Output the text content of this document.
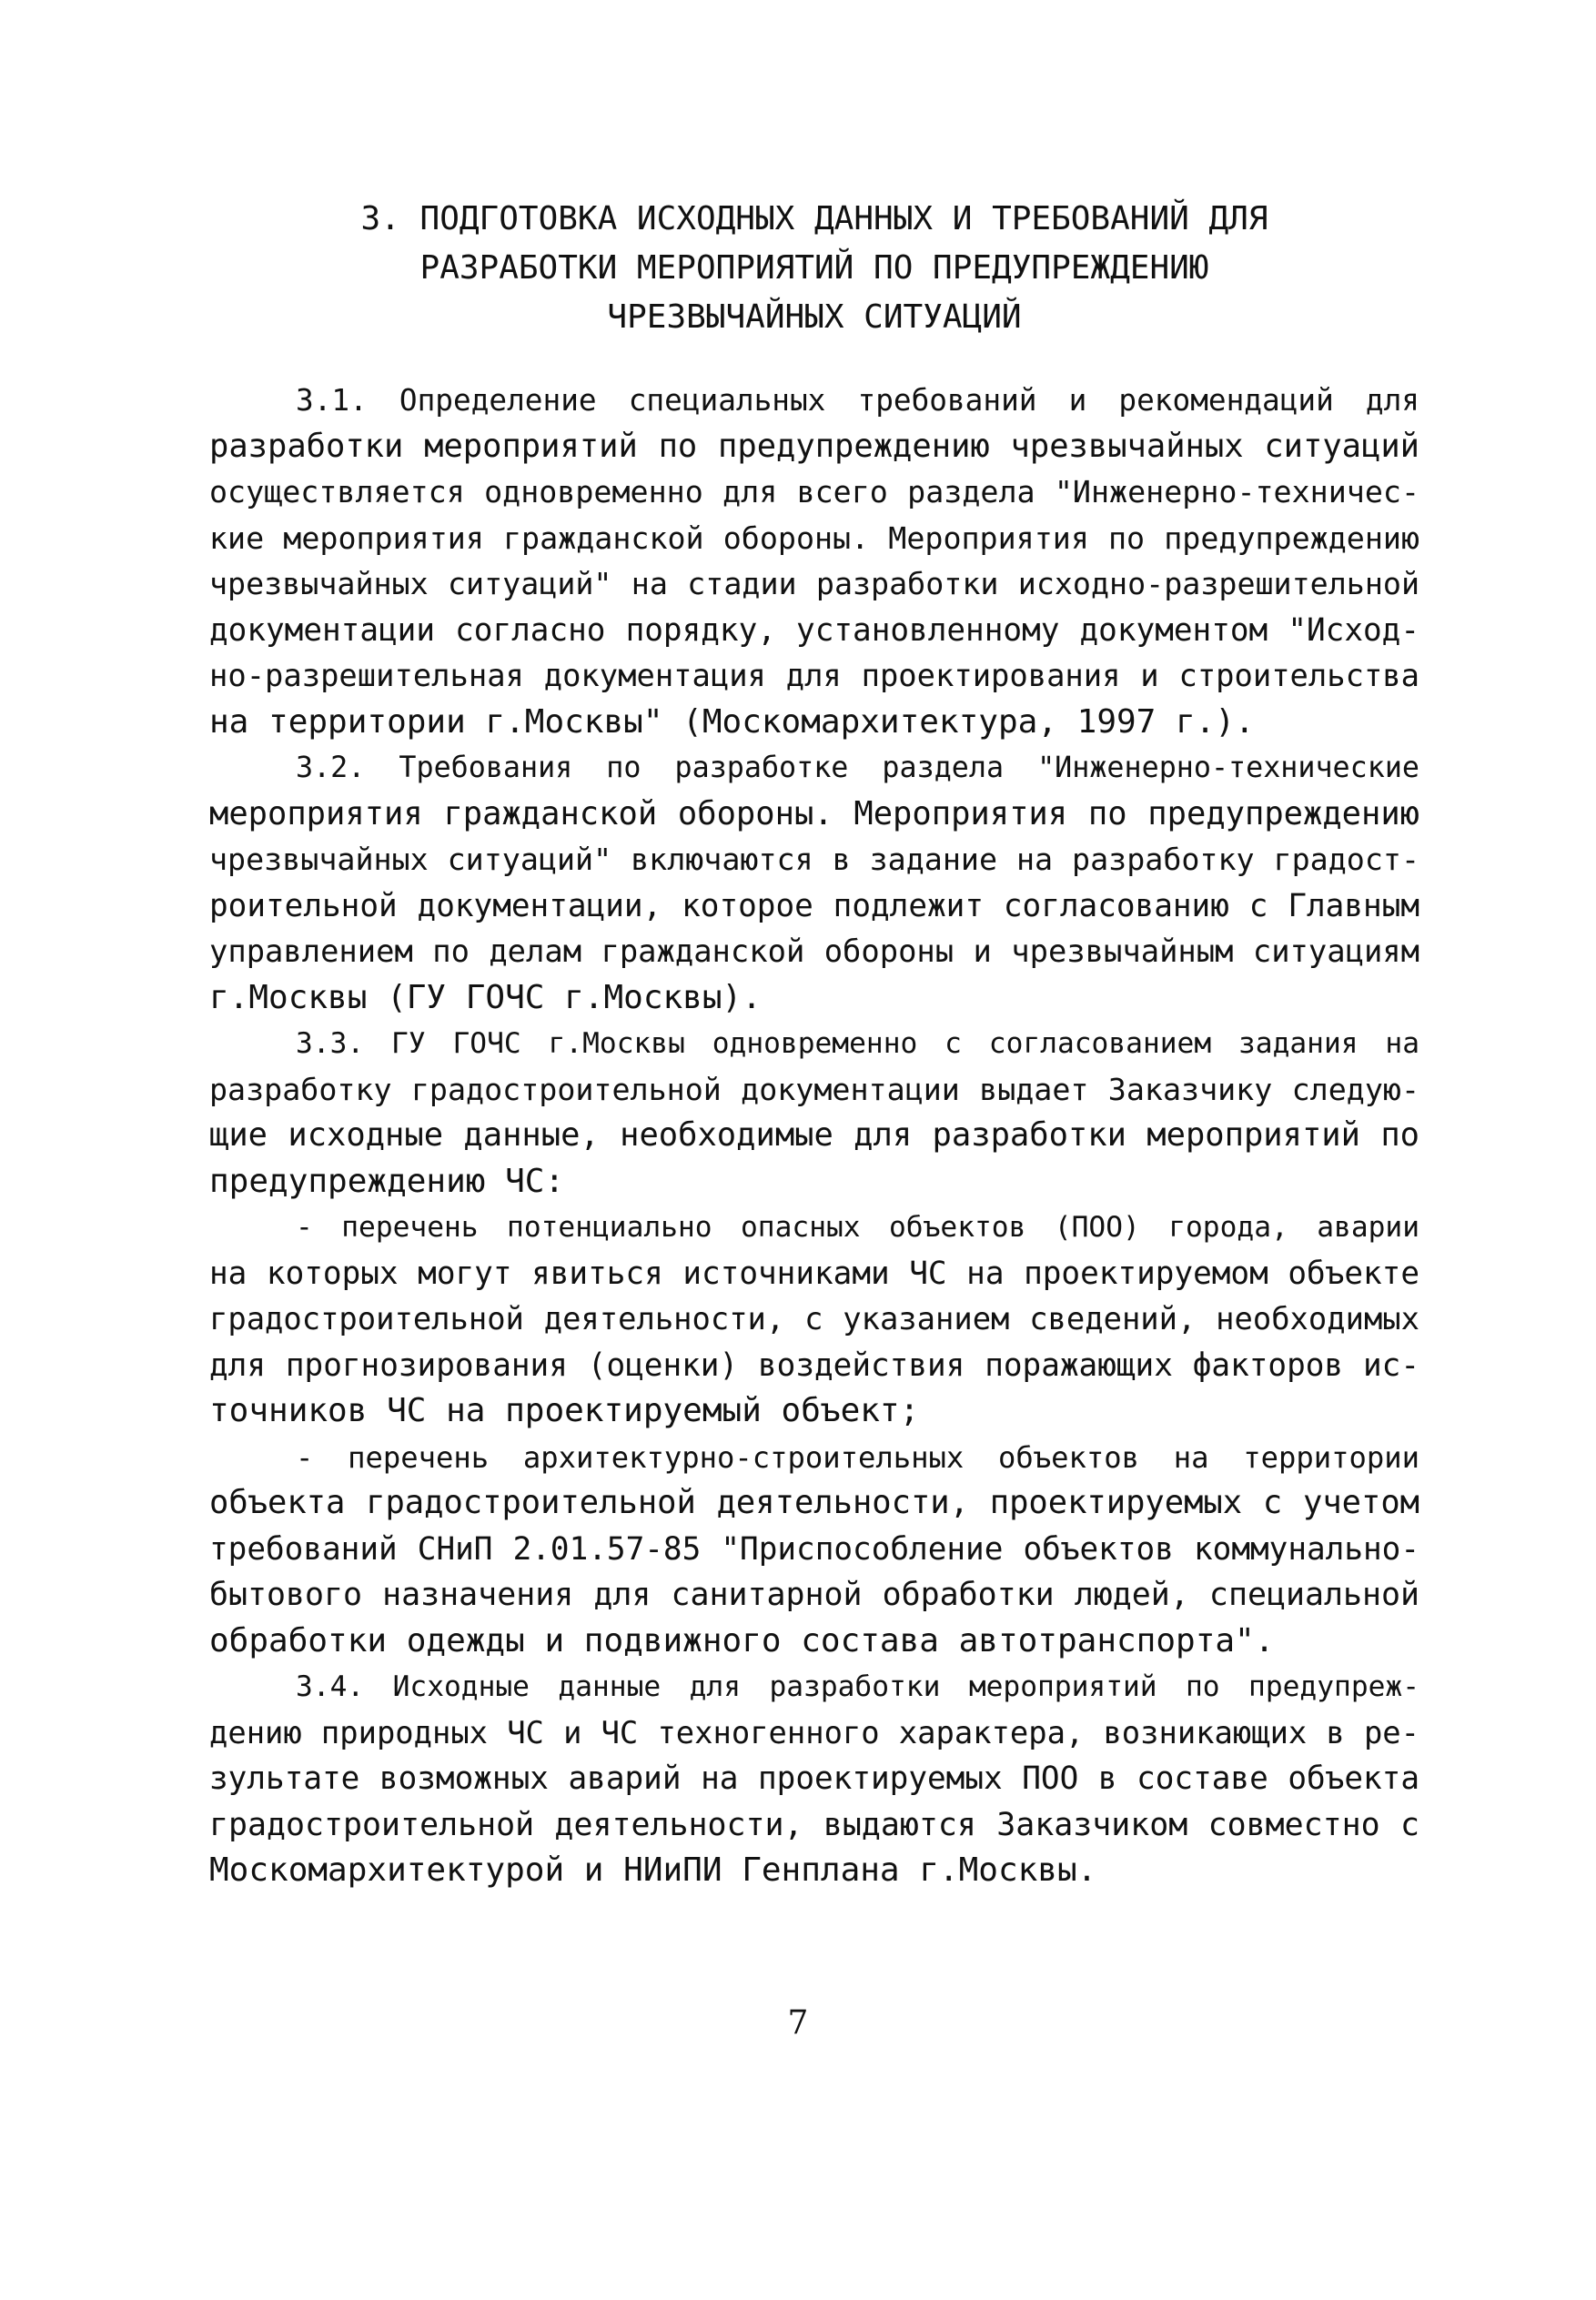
3. ПОДГОТОВКА ИСХОДНЫХ ДАННЫХ И ТРЕБОВАНИЙ ДЛЯ
РАЗРАБОТКИ МЕРОПРИЯТИЙ ПО ПРЕДУПРЕЖДЕНИЮ
ЧРЕЗВЫЧАЙНЫХ СИТУАЦИЙ
3.1. Определение специальных требований и рекомендаций для
разработки мероприятий по предупреждению чрезвычайных ситуаций
осуществляется одновременно для всего раздела "Инженерно-техничес-
кие мероприятия гражданской обороны. Мероприятия по предупреждению
чрезвычайных ситуаций" на стадии разработки исходно-разрешительной
документации согласно порядку, установленному документом "Исход-
но-разрешительная документация для проектирования и строительства
на территории г.Москвы" (Москомархитектура, 1997 г.).
3.2. Требования по разработке раздела "Инженерно-технические
мероприятия гражданской обороны. Мероприятия по предупреждению
чрезвычайных ситуаций" включаются в задание на разработку градост-
роительной документации, которое подлежит согласованию с Главным
управлением по делам гражданской обороны и чрезвычайным ситуациям
г.Москвы (ГУ ГОЧС г.Москвы).
3.3. ГУ ГОЧС г.Москвы одновременно с согласованием задания на
разработку градостроительной документации выдает Заказчику следую-
щие исходные данные, необходимые для разработки мероприятий по
предупреждению ЧС:
- перечень потенциально опасных объектов (ПОО) города, аварии
на которых могут явиться источниками ЧС на проектируемом объекте
градостроительной деятельности, с указанием сведений, необходимых
для прогнозирования (оценки) воздействия поражающих факторов ис-
точников ЧС на проектируемый объект;
- перечень архитектурно-строительных объектов на территории
объекта градостроительной деятельности, проектируемых с учетом
требований СНиП 2.01.57-85 "Приспособление объектов коммунально-
бытового назначения для санитарной обработки людей, специальной
обработки одежды и подвижного состава автотранспорта".
3.4. Исходные данные для разработки мероприятий по предупреж-
дению природных ЧС и ЧС техногенного характера, возникающих в ре-
зультате возможных аварий на проектируемых ПОО в составе объекта
градостроительной деятельности, выдаются Заказчиком совместно с
Москомархитектурой и НИиПИ Генплана г.Москвы.
7
